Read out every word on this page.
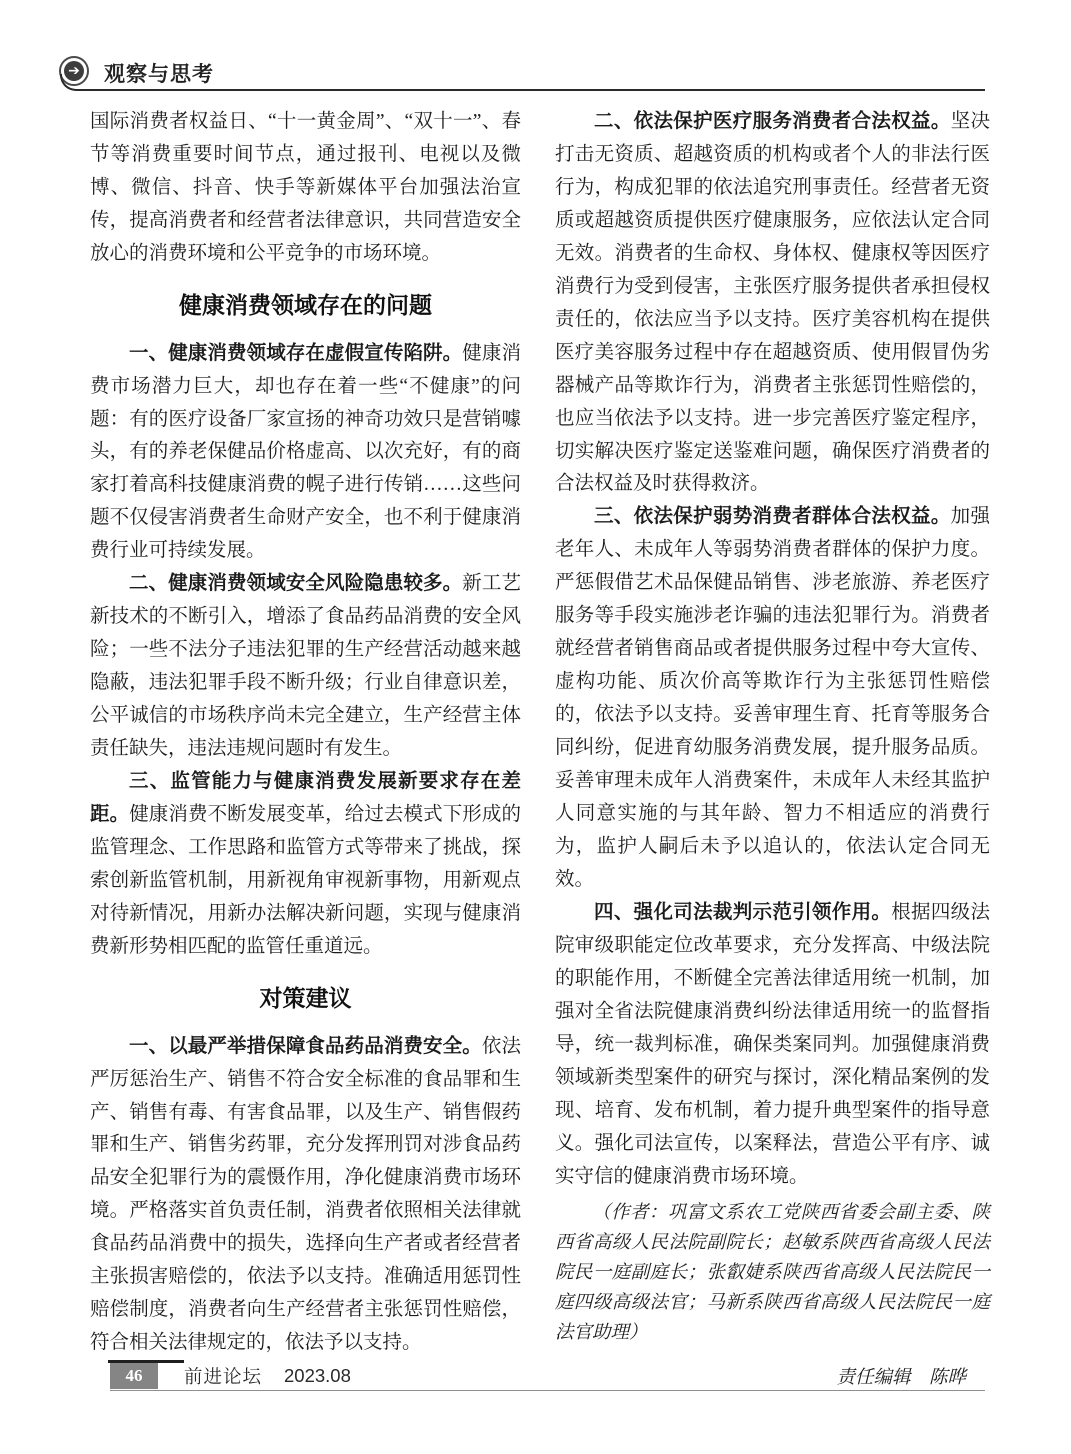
➔ 观察与思考

国际消费者权益日、“十一黄金周”、“双十一”、春节等消费重要时间节点，通过报刊、电视以及微博、微信、抖音、快手等新媒体平台加强法治宣传，提高消费者和经营者法律意识，共同营造安全放心的消费环境和公平竞争的市场环境。

健康消费领域存在的问题

一、健康消费领域存在虚假宣传陷阱。健康消费市场潜力巨大，却也存在着一些“不健康”的问题：有的医疗设备厂家宣扬的神奇功效只是营销噱头，有的养老保健品价格虚高、以次充好，有的商家打着高科技健康消费的幌子进行传销……这些问题不仅侵害消费者生命财产安全，也不利于健康消费行业可持续发展。

二、健康消费领域安全风险隐患较多。新工艺新技术的不断引入，增添了食品药品消费的安全风险；一些不法分子违法犯罪的生产经营活动越来越隐蔽，违法犯罪手段不断升级；行业自律意识差，公平诚信的市场秩序尚未完全建立，生产经营主体责任缺失，违法违规问题时有发生。

三、监管能力与健康消费发展新要求存在差距。健康消费不断发展变革，给过去模式下形成的监管理念、工作思路和监管方式等带来了挑战，探索创新监管机制，用新视角审视新事物，用新观点对待新情况，用新办法解决新问题，实现与健康消费新形势相匹配的监管任重道远。

对策建议

一、以最严举措保障食品药品消费安全。依法严厉惩治生产、销售不符合安全标准的食品罪和生产、销售有毒、有害食品罪，以及生产、销售假药罪和生产、销售劣药罪，充分发挥刑罚对涉食品药品安全犯罪行为的震慑作用，净化健康消费市场环境。严格落实首负责任制，消费者依照相关法律就食品药品消费中的损失，选择向生产者或者经营者主张损害赔偿的，依法予以支持。准确适用惩罚性赔偿制度，消费者向生产经营者主张惩罚性赔偿，符合相关法律规定的，依法予以支持。

二、依法保护医疗服务消费者合法权益。坚决打击无资质、超越资质的机构或者个人的非法行医行为，构成犯罪的依法追究刑事责任。经营者无资质或超越资质提供医疗健康服务，应依法认定合同无效。消费者的生命权、身体权、健康权等因医疗消费行为受到侵害，主张医疗服务提供者承担侵权责任的，依法应当予以支持。医疗美容机构在提供医疗美容服务过程中存在超越资质、使用假冒伪劣器械产品等欺诈行为，消费者主张惩罚性赔偿的，也应当依法予以支持。进一步完善医疗鉴定程序，切实解决医疗鉴定送鉴难问题，确保医疗消费者的合法权益及时获得救济。

三、依法保护弱势消费者群体合法权益。加强老年人、未成年人等弱势消费者群体的保护力度。严惩假借艺术品保健品销售、涉老旅游、养老医疗服务等手段实施涉老诈骗的违法犯罪行为。消费者就经营者销售商品或者提供服务过程中夸大宣传、虚构功能、质次价高等欺诈行为主张惩罚性赔偿的，依法予以支持。妥善审理生育、托育等服务合同纠纷，促进育幼服务消费发展，提升服务品质。妥善审理未成年人消费案件，未成年人未经其监护人同意实施的与其年龄、智力不相适应的消费行为，监护人嗣后未予以追认的，依法认定合同无效。

四、强化司法裁判示范引领作用。根据四级法院审级职能定位改革要求，充分发挥高、中级法院的职能作用，不断健全完善法律适用统一机制，加强对全省法院健康消费纠纷法律适用统一的监督指导，统一裁判标准，确保类案同判。加强健康消费领域新类型案件的研究与探讨，深化精品案例的发现、培育、发布机制，着力提升典型案件的指导意义。强化司法宣传，以案释法，营造公平有序、诚实守信的健康消费市场环境。

（作者：巩富文系农工党陕西省委会副主委、陕西省高级人民法院副院长；赵敏系陕西省高级人民法院民一庭副庭长；张叡婕系陕西省高级人民法院民一庭四级高级法官；马新系陕西省高级人民法院民一庭法官助理）

责任编辑　陈晔

46	前进论坛 2023.08
